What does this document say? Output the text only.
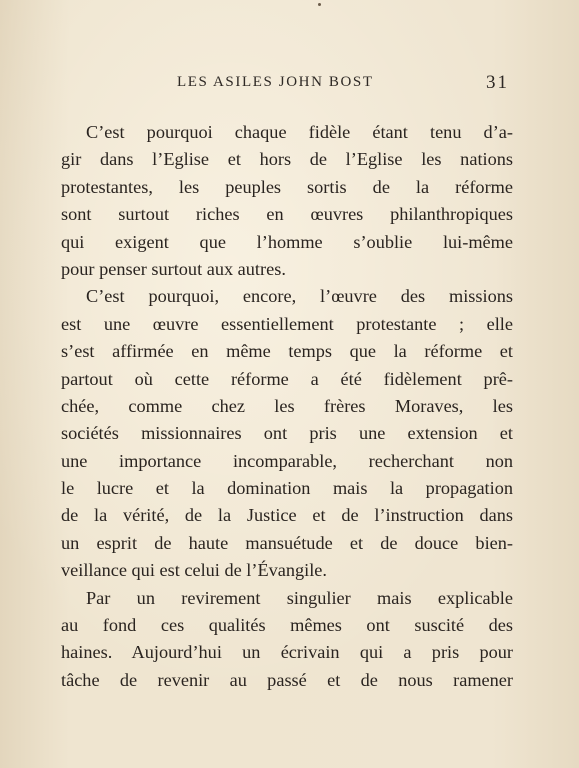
LES ASILES JOHN BOST	31
C’est pourquoi chaque fidèle étant tenu d’a-
gir dans l’Eglise et hors de l’Eglise les nations
protestantes, les peuples sortis de la réforme
sont surtout riches en œuvres philanthropiques
qui exigent que l’homme s’oublie lui-même
pour penser surtout aux autres.
C’est pourquoi, encore, l’œuvre des missions
est une œuvre essentiellement protestante ; elle
s’est affirmée en même temps que la réforme et
partout où cette réforme a été fidèlement prê-
chée, comme chez les frères Moraves, les
sociétés missionnaires ont pris une extension et
une importance incomparable, recherchant non
le lucre et la domination mais la propagation
de la vérité, de la Justice et de l’instruction dans
un esprit de haute mansuétude et de douce bien-
veillance qui est celui de l’Évangile.
Par un revirement singulier mais explicable
au fond ces qualités mêmes ont suscité des
haines. Aujourd’hui un écrivain qui a pris pour
tâche de revenir au passé et de nous ramener
